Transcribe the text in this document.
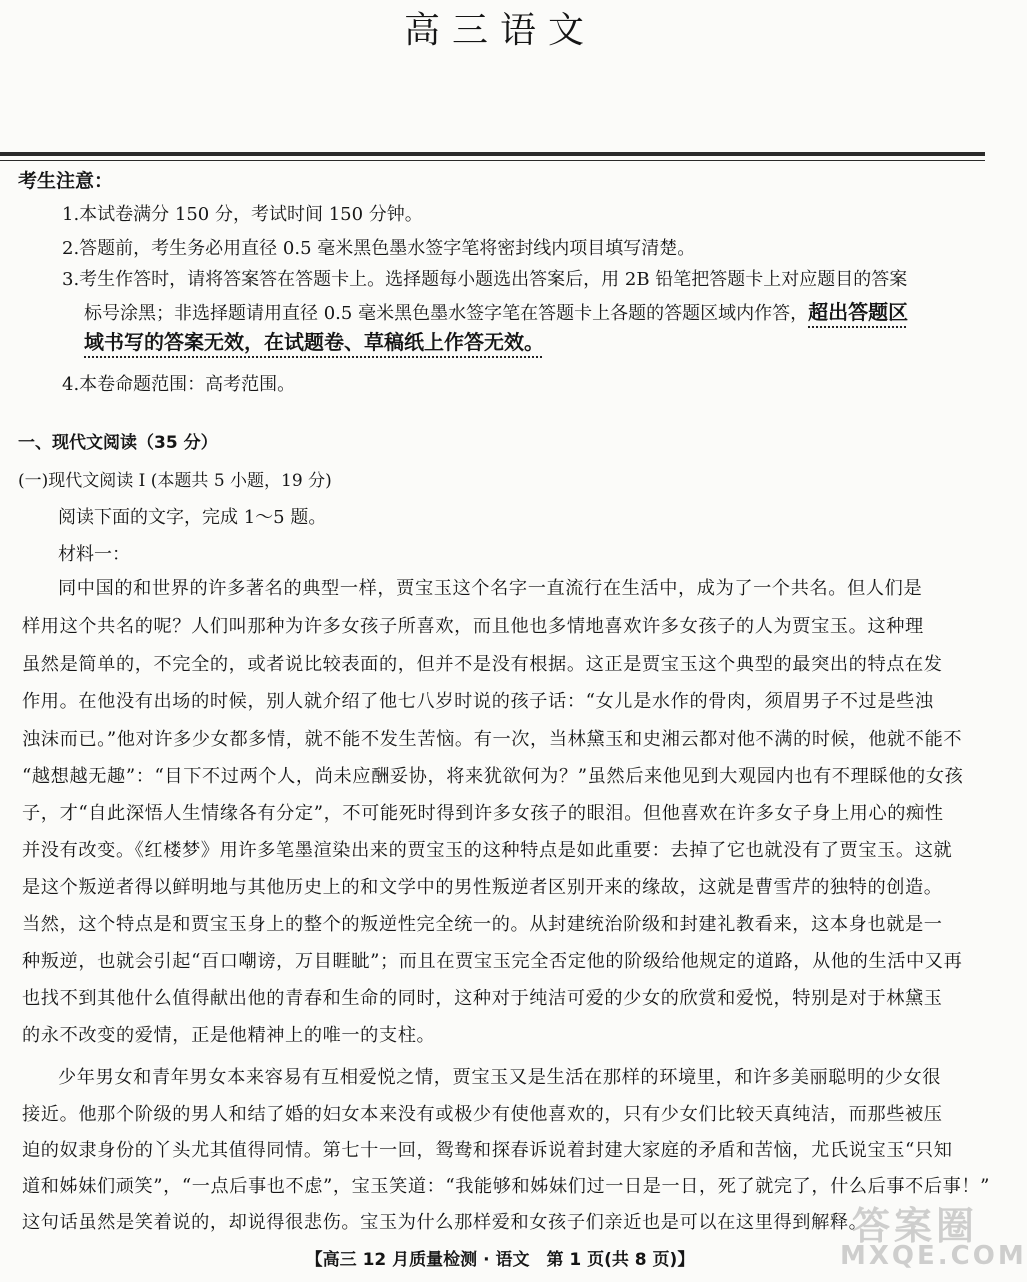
高三语文
考生注意：
1.本试卷满分 150 分，考试时间 150 分钟。
2.答题前，考生务必用直径 0.5 毫米黑色墨水签字笔将密封线内项目填写清楚。
3.考生作答时，请将答案答在答题卡上。选择题每小题选出答案后，用 2B 铅笔把答题卡上对应题目的答案
标号涂黑；非选择题请用直径 0.5 毫米黑色墨水签字笔在答题卡上各题的答题区域内作答，超出答题区
域书写的答案无效，在试题卷、草稿纸上作答无效。
4.本卷命题范围：高考范围。
一、现代文阅读（35 分）
(一)现代文阅读 I (本题共 5 小题，19 分)
阅读下面的文字，完成 1～5 题。
材料一：
同中国的和世界的许多著名的典型一样，贾宝玉这个名字一直流行在生活中，成为了一个共名。但人们是
样用这个共名的呢？人们叫那种为许多女孩子所喜欢，而且他也多情地喜欢许多女孩子的人为贾宝玉。这种理
虽然是简单的，不完全的，或者说比较表面的，但并不是没有根据。这正是贾宝玉这个典型的最突出的特点在发
作用。在他没有出场的时候，别人就介绍了他七八岁时说的孩子话：“女儿是水作的骨肉，须眉男子不过是些浊
浊沫而已。”他对许多少女都多情，就不能不发生苦恼。有一次，当林黛玉和史湘云都对他不满的时候，他就不能不
“越想越无趣”：“目下不过两个人，尚未应酬妥协，将来犹欲何为？”虽然后来他见到大观园内也有不理睬他的女孩
子，才“自此深悟人生情缘各有分定”，不可能死时得到许多女孩子的眼泪。但他喜欢在许多女子身上用心的痴性
并没有改变。《红楼梦》用许多笔墨渲染出来的贾宝玉的这种特点是如此重要：去掉了它也就没有了贾宝玉。这就
是这个叛逆者得以鲜明地与其他历史上的和文学中的男性叛逆者区别开来的缘故，这就是曹雪芹的独特的创造。
当然，这个特点是和贾宝玉身上的整个的叛逆性完全统一的。从封建统治阶级和封建礼教看来，这本身也就是一
种叛逆，也就会引起“百口嘲谤，万目睚眦”；而且在贾宝玉完全否定他的阶级给他规定的道路，从他的生活中又再
也找不到其他什么值得献出他的青春和生命的同时，这种对于纯洁可爱的少女的欣赏和爱悦，特别是对于林黛玉
的永不改变的爱情，正是他精神上的唯一的支柱。
少年男女和青年男女本来容易有互相爱悦之情，贾宝玉又是生活在那样的环境里，和许多美丽聪明的少女很
接近。他那个阶级的男人和结了婚的妇女本来没有或极少有使他喜欢的，只有少女们比较天真纯洁，而那些被压
迫的奴隶身份的丫头尤其值得同情。第七十一回，鸳鸯和探春诉说着封建大家庭的矛盾和苦恼，尤氏说宝玉“只知
道和姊妹们顽笑”，“一点后事也不虑”，宝玉笑道：“我能够和姊妹们过一日是一日，死了就完了，什么后事不后事！”
这句话虽然是笑着说的，却说得很悲伤。宝玉为什么那样爱和女孩子们亲近也是可以在这里得到解释。
【高三 12 月质量检测 · 语文　第 1 页(共 8 页)】
答案圈
MXQE.COM
